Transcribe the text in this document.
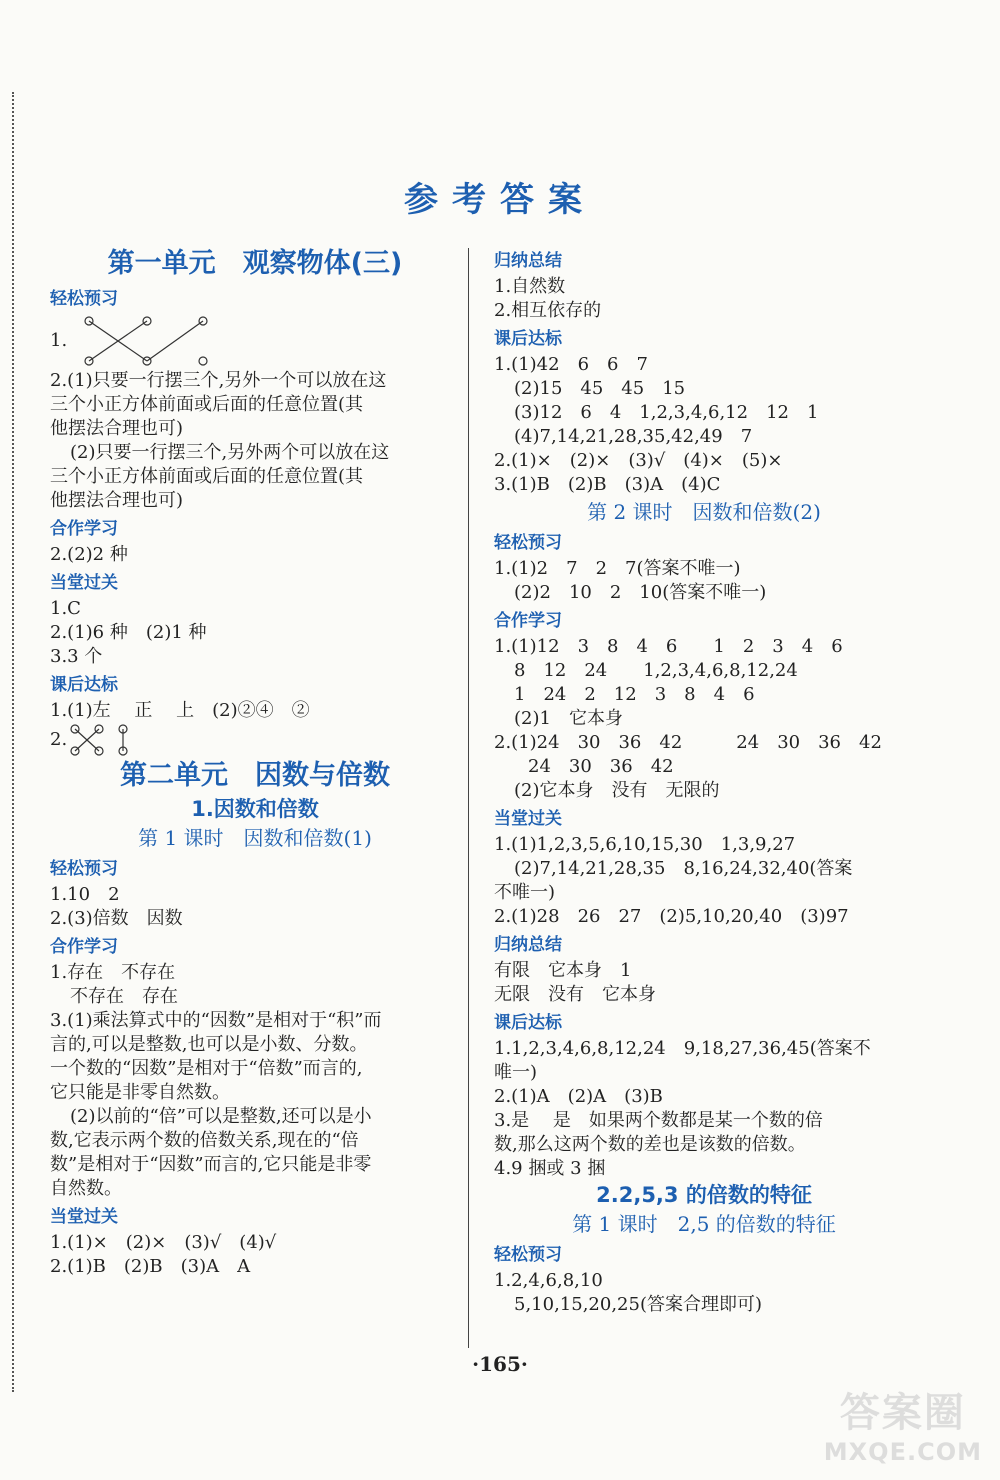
参考答案

第一单元　观察物体(三)

轻松预习

1.

2.(1)只要一行摆三个,另外一个可以放在这

三个小正方体前面或后面的任意位置(其

他摆法合理也可)

(2)只要一行摆三个,另外两个可以放在这

三个小正方体前面或后面的任意位置(其

他摆法合理也可)

合作学习

2.(2)2 种

当堂过关

1.C

2.(1)6 种　(2)1 种

3.3 个

课后达标

1.(1)左　 正　 上　(2)②④　②

2.

第二单元　因数与倍数

1.因数和倍数

第 1 课时　因数和倍数(1)

轻松预习

1.10　2

2.(3)倍数　因数

合作学习

1.存在　不存在

不存在　存在

3.(1)乘法算式中的“因数”是相对于“积”而

言的,可以是整数,也可以是小数、分数。

一个数的“因数”是相对于“倍数”而言的,

它只能是非零自然数。

(2)以前的“倍”可以是整数,还可以是小

数,它表示两个数的倍数关系,现在的“倍

数”是相对于“因数”而言的,它只能是非零

自然数。

当堂过关

1.(1)×　(2)×　(3)√　(4)√

2.(1)B　(2)B　(3)A　A

归纳总结

1.自然数

2.相互依存的

课后达标

1.(1)42　6　6　7

(2)15　45　45　15

(3)12　6　4　1,2,3,4,6,12　12　1

(4)7,14,21,28,35,42,49　7

2.(1)×　(2)×　(3)√　(4)×　(5)×

3.(1)B　(2)B　(3)A　(4)C

第 2 课时　因数和倍数(2)

轻松预习

1.(1)2　7　2　7(答案不唯一)

(2)2　10　2　10(答案不唯一)

合作学习

1.(1)12　3　8　4　6　　1　2　3　4　6

8　12　24　　1,2,3,4,6,8,12,24

1　24　2　12　3　8　4　6

(2)1　它本身

2.(1)24　30　36　42　　　24　30　36　42

24　30　36　42

(2)它本身　没有　无限的

当堂过关

1.(1)1,2,3,5,6,10,15,30　1,3,9,27

(2)7,14,21,28,35　8,16,24,32,40(答案

不唯一)

2.(1)28　26　27　(2)5,10,20,40　(3)97

归纳总结

有限　它本身　1

无限　没有　它本身

课后达标

1.1,2,3,4,6,8,12,24　9,18,27,36,45(答案不

唯一)

2.(1)A　(2)A　(3)B

3.是　 是　如果两个数都是某一个数的倍

数,那么这两个数的差也是该数的倍数。

4.9 捆或 3 捆

2.2,5,3 的倍数的特征

第 1 课时　2,5 的倍数的特征

轻松预习

1.2,4,6,8,10

5,10,15,20,25(答案合理即可)

·165·
答案圈
MXQE.COM
